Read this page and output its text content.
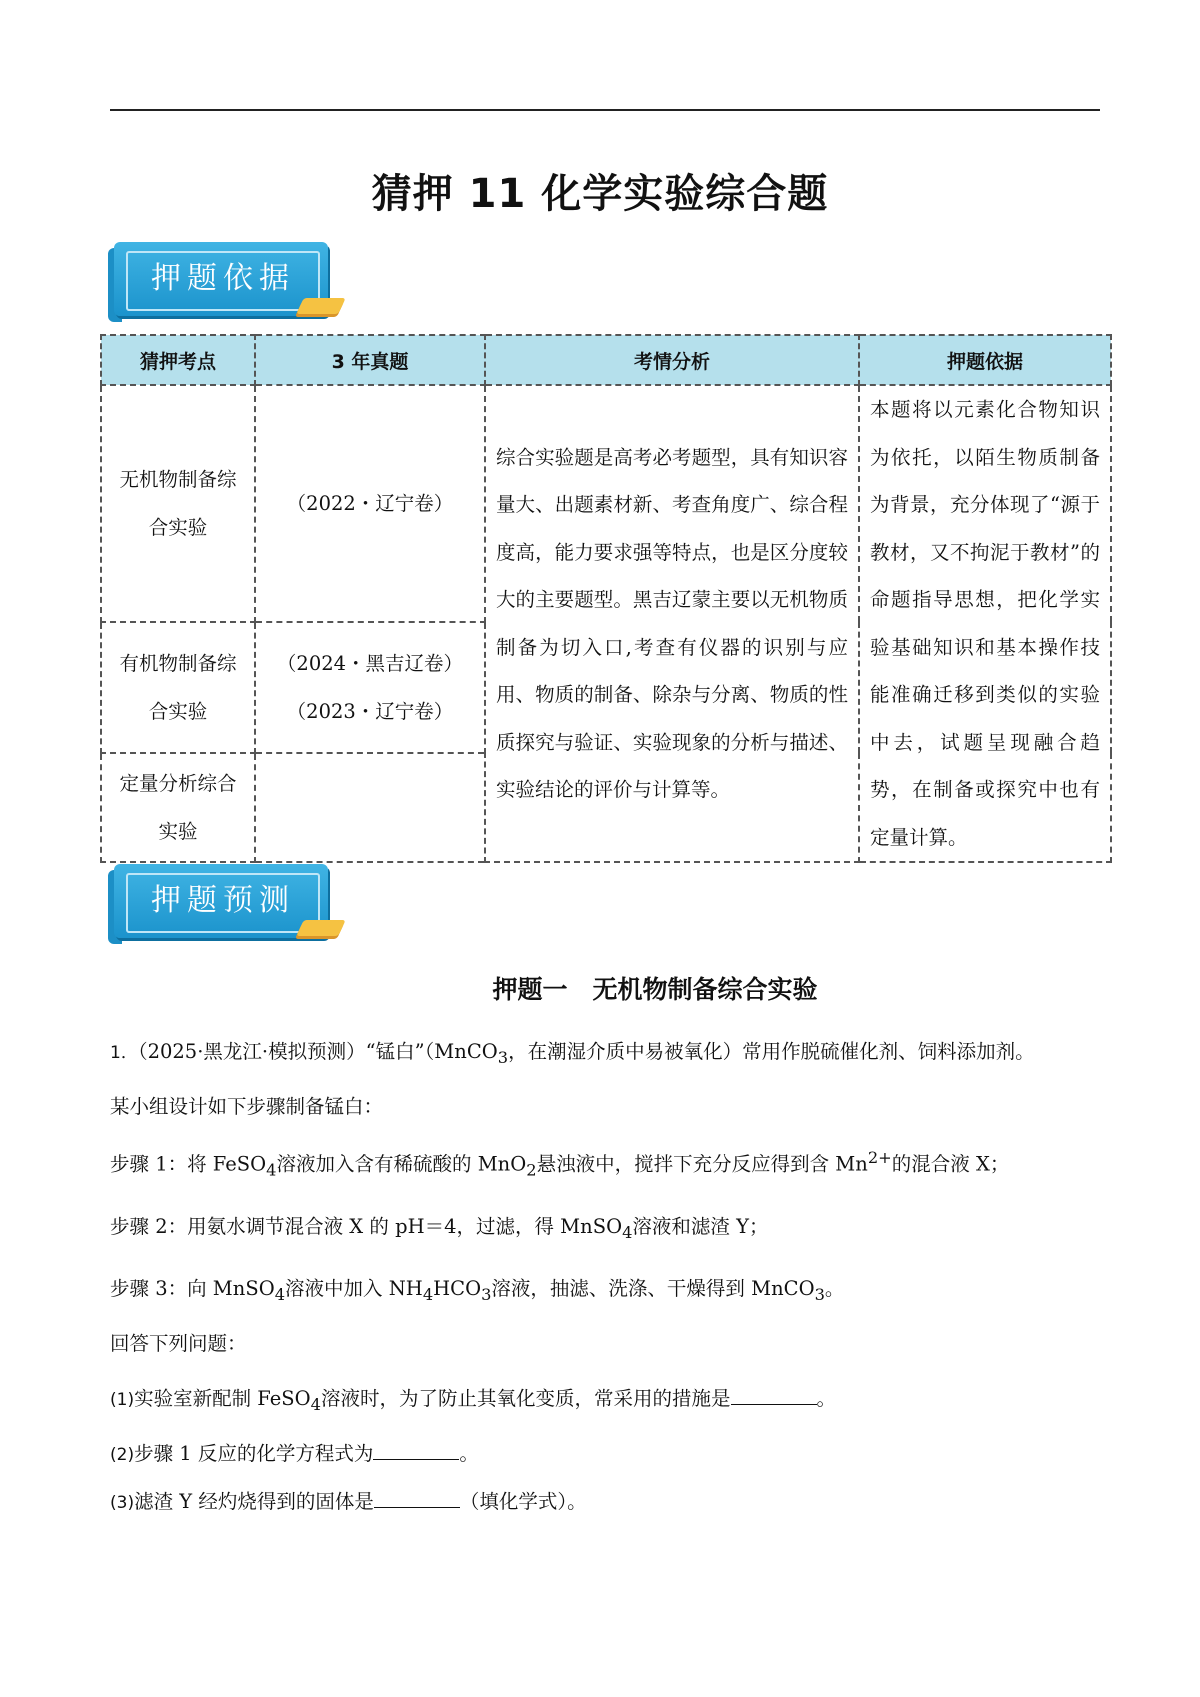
猜押 11 化学实验综合题
押题依据
猜押考点	3 年真题	考情分析	押题依据
无机物制备综合实验	（2022・辽宁卷）	综合实验题是高考必考题型，具有知识容量大、出题素材新、考查角度广、综合程度高，能力要求强等特点，也是区分度较大的主要题型。黑吉辽蒙主要以无机物质制备为切入口,考查有仪器的识别与应用、物质的制备、除杂与分离、物质的性质探究与验证、实验现象的分析与描述、实验结论的评价与计算等。	本题将以元素化合物知识为依托，以陌生物质制备为背景，充分体现了“源于教材，又不拘泥于教材”的命题指导思想，把化学实验基础知识和基本操作技能准确迁移到类似的实验中去，试题呈现融合趋势，在制备或探究中也有定量计算。
有机物制备综合实验	（2024・黑吉辽卷）（2023・辽宁卷）		
定量分析综合实验			
押题预测
押题一　无机物制备综合实验
1．（2025·黑龙江·模拟预测）“锰白”（MnCO$_3$，在潮湿介质中易被氧化）常用作脱硫催化剂、饲料添加剂。
某小组设计如下步骤制备锰白：
步骤 1：将 FeSO$_4$溶液加入含有稀硫酸的 MnO$_2$悬浊液中，搅拌下充分反应得到含 $Mn^{2+}$的混合液 X；
步骤 2：用氨水调节混合液 X 的 pH＝4，过滤，得 MnSO$_4$溶液和滤渣 Y；
步骤 3：向 MnSO$_4$溶液中加入 $NH_4HCO_3$溶液，抽滤、洗涤、干燥得到 MnCO$_3$。
回答下列问题：
(1)实验室新配制 FeSO$_4$溶液时，为了防止其氧化变质，常采用的措施是	。
(2)步骤 1 反应的化学方程式为	。
(3)滤渣 Y 经灼烧得到的固体是	（填化学式）。
